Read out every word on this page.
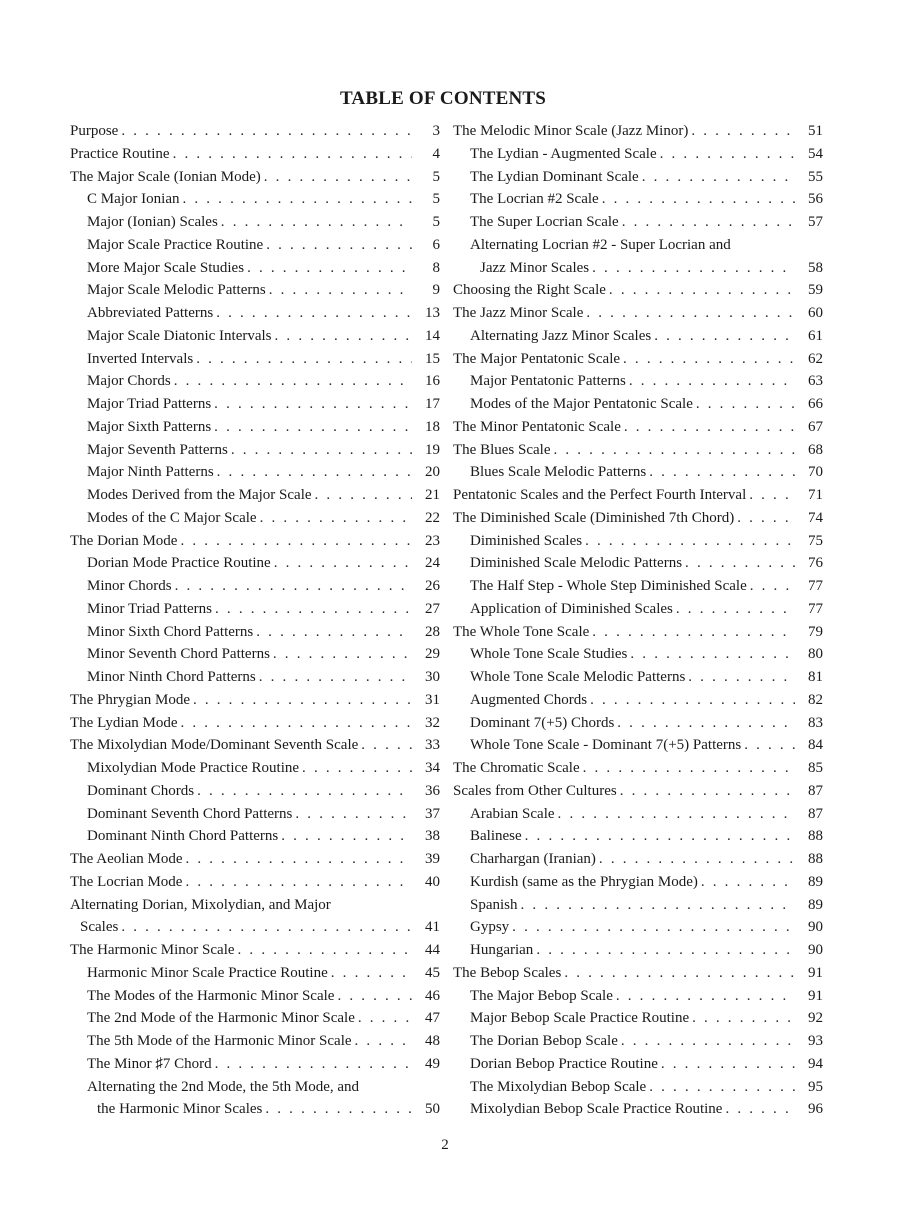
TABLE OF CONTENTS
Purpose . . .	3
Practice Routine . . .	4
The Major Scale (Ionian Mode) . . .	5
C Major Ionian . . .	5
Major (Ionian) Scales . . .	5
Major Scale Practice Routine . . .	6
More Major Scale Studies . . .	8
Major Scale Melodic Patterns . . .	9
Abbreviated Patterns . . .	13
Major Scale Diatonic Intervals . . .	14
Inverted Intervals . . .	15
Major Chords . . .	16
Major Triad Patterns . . .	17
Major Sixth Patterns . . .	18
Major Seventh Patterns . . .	19
Major Ninth Patterns . . .	20
Modes Derived from the Major Scale . . .	21
Modes of the C Major Scale . . .	22
The Dorian Mode . . .	23
Dorian Mode Practice Routine . . .	24
Minor Chords . . .	26
Minor Triad Patterns . . .	27
Minor Sixth Chord Patterns . . .	28
Minor Seventh Chord Patterns . . .	29
Minor Ninth Chord Patterns . . .	30
The Phrygian Mode . . .	31
The Lydian Mode . . .	32
The Mixolydian Mode/Dominant Seventh Scale . . .	33
Mixolydian Mode Practice Routine . . .	34
Dominant Chords . . .	36
Dominant Seventh Chord Patterns . . .	37
Dominant Ninth Chord Patterns . . .	38
The Aeolian Mode . . .	39
The Locrian Mode . . .	40
Alternating Dorian, Mixolydian, and Major
Scales . . .	41
The Harmonic Minor Scale . . .	44
Harmonic Minor Scale Practice Routine . . .	45
The Modes of the Harmonic Minor Scale . . .	46
The 2nd Mode of the Harmonic Minor Scale . . .	47
The 5th Mode of the Harmonic Minor Scale . . .	48
The Minor ♯7 Chord . . .	49
Alternating the 2nd Mode, the 5th Mode, and
the Harmonic Minor Scales . . .	50
The Melodic Minor Scale (Jazz Minor) . . .	51
The Lydian - Augmented Scale . . .	54
The Lydian Dominant Scale . . .	55
The Locrian #2 Scale . . .	56
The Super Locrian Scale . . .	57
Alternating Locrian #2 - Super Locrian and
Jazz Minor Scales . . .	58
Choosing the Right Scale . . .	59
The Jazz Minor Scale . . .	60
Alternating Jazz Minor Scales . . .	61
The Major Pentatonic Scale . . .	62
Major Pentatonic Patterns . . .	63
Modes of the Major Pentatonic Scale . . .	66
The Minor Pentatonic Scale . . .	67
The Blues Scale . . .	68
Blues Scale Melodic Patterns . . .	70
Pentatonic Scales and the Perfect Fourth Interval . . .	71
The Diminished Scale (Diminished 7th Chord) . . .	74
Diminished Scales . . .	75
Diminished Scale Melodic Patterns . . .	76
The Half Step - Whole Step Diminished Scale . . .	77
Application of Diminished Scales . . .	77
The Whole Tone Scale . . .	79
Whole Tone Scale Studies . . .	80
Whole Tone Scale Melodic Patterns . . .	81
Augmented Chords . . .	82
Dominant 7(+5) Chords . . .	83
Whole Tone Scale - Dominant 7(+5) Patterns . . .	84
The Chromatic Scale . . .	85
Scales from Other Cultures . . .	87
Arabian Scale . . .	87
Balinese . . .	88
Charhargan (Iranian) . . .	88
Kurdish (same as the Phrygian Mode) . . .	89
Spanish . . .	89
Gypsy . . .	90
Hungarian . . .	90
The Bebop Scales . . .	91
The Major Bebop Scale . . .	91
Major Bebop Scale Practice Routine . . .	92
The Dorian Bebop Scale . . .	93
Dorian Bebop Practice Routine . . .	94
The Mixolydian Bebop Scale . . .	95
Mixolydian Bebop Scale Practice Routine . . .	96
2
